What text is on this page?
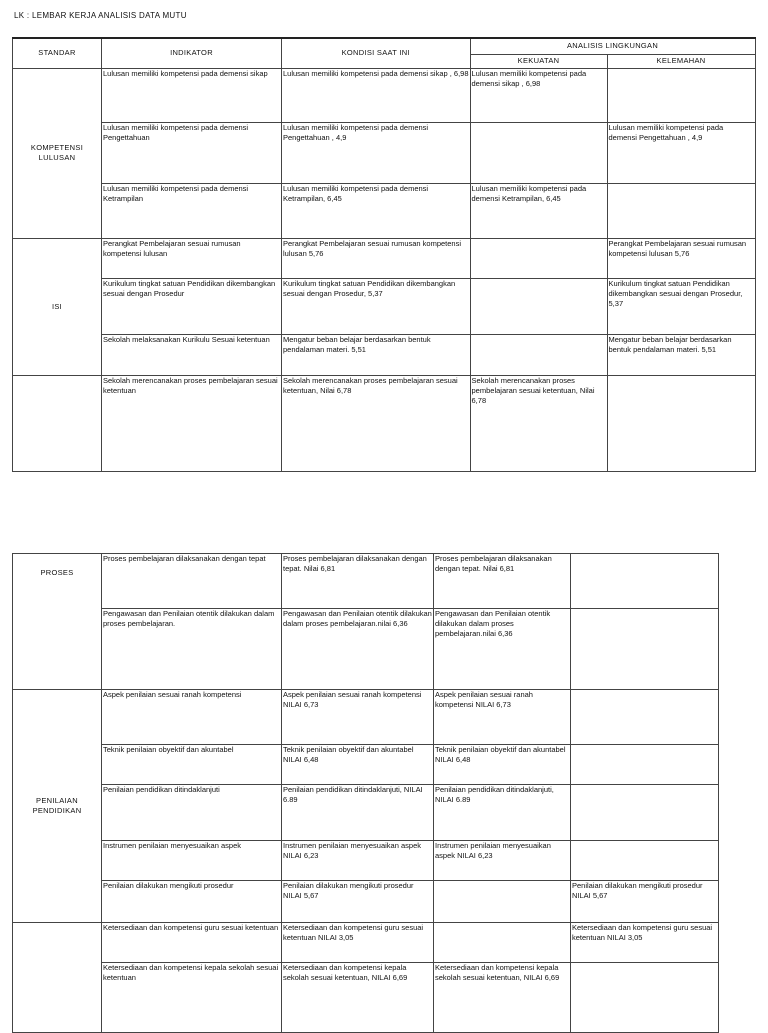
LK : LEMBAR KERJA ANALISIS DATA MUTU
STANDAR	INDIKATOR	KONDISI SAAT INI	ANALISIS LINGKUNGAN	
			KEKUATAN	KELEMAHAN
KOMPETENSI LULUSAN	Lulusan memiliki kompetensi pada demensi sikap	Lulusan memiliki kompetensi pada demensi sikap , 6,98	Lulusan memiliki kompetensi pada demensi sikap , 6,98	
	Lulusan memiliki kompetensi pada demensi Pengettahuan	Lulusan memiliki kompetensi pada demensi Pengettahuan , 4,9		Lulusan memiliki kompetensi pada demensi Pengettahuan , 4,9
	Lulusan memiliki kompetensi pada demensi Ketrampilan	Lulusan memiliki kompetensi pada demensi Ketrampilan, 6,45	Lulusan memiliki kompetensi pada demensi Ketrampilan, 6,45	
ISI	Perangkat Pembelajaran sesuai rumusan kompetensi lulusan	Perangkat Pembelajaran sesuai rumusan kompetensi lulusan 5,76		Perangkat Pembelajaran sesuai rumusan kompetensi lulusan 5,76
	Kurikulum tingkat satuan Pendidikan dikembangkan sesuai dengan Prosedur	Kurikulum tingkat satuan Pendidikan dikembangkan sesuai dengan Prosedur, 5,37		Kurikulum tingkat satuan Pendidikan dikembangkan sesuai dengan Prosedur, 5,37
	Sekolah melaksanakan Kurikulu Sesuai ketentuan	Mengatur beban belajar berdasarkan bentuk pendalaman materi. 5,51		Mengatur beban belajar berdasarkan bentuk pendalaman materi. 5,51
	Sekolah merencanakan proses pembelajaran sesuai ketentuan	Sekolah merencanakan proses pembelajaran sesuai ketentuan, Nilai 6,78	Sekolah merencanakan proses pembelajaran sesuai ketentuan, Nilai 6,78	
PROSES	Proses pembelajaran dilaksanakan dengan tepat	Proses pembelajaran dilaksanakan dengan tepat. Nilai 6,81	Proses pembelajaran dilaksanakan dengan tepat. Nilai 6,81	
	Pengawasan dan Penilaian otentik dilakukan dalam proses pembelajaran.	Pengawasan dan Penilaian otentik dilakukan dalam proses pembelajaran.nilai 6,36	Pengawasan dan Penilaian otentik dilakukan dalam proses pembelajaran.nilai 6,36	
PENILAIAN PENDIDIKAN	Aspek penilaian sesuai ranah kompetensi	Aspek penilaian sesuai ranah kompetensi NILAI 6,73	Aspek penilaian sesuai ranah kompetensi NILAI 6,73	
	Teknik penilaian obyektif dan akuntabel	Teknik penilaian obyektif dan akuntabel NILAI 6,48	Teknik penilaian obyektif dan akuntabel NILAI 6,48	
	Penilaian pendidikan ditindaklanjuti	Penilaian pendidikan ditindaklanjuti, NILAI 6.89	Penilaian pendidikan ditindaklanjuti, NILAI 6.89	
	Instrumen penilaian menyesuaikan aspek	Instrumen penilaian menyesuaikan aspek NILAI 6,23	Instrumen penilaian menyesuaikan aspek NILAI 6,23	
	Penilaian dilakukan mengikuti prosedur	Penilaian dilakukan mengikuti prosedur NILAI 5,67		Penilaian dilakukan mengikuti prosedur NILAI 5,67
	Ketersediaan dan kompetensi guru sesuai ketentuan	Ketersediaan dan kompetensi guru sesuai ketentuan NILAI 3,05		Ketersediaan dan kompetensi guru sesuai ketentuan NILAI 3,05
	Ketersediaan dan kompetensi kepala sekolah sesuai ketentuan	Ketersediaan dan kompetensi kepala sekolah sesuai ketentuan, NILAI 6,69	Ketersediaan dan kompetensi kepala sekolah sesuai ketentuan, NILAI 6,69	
